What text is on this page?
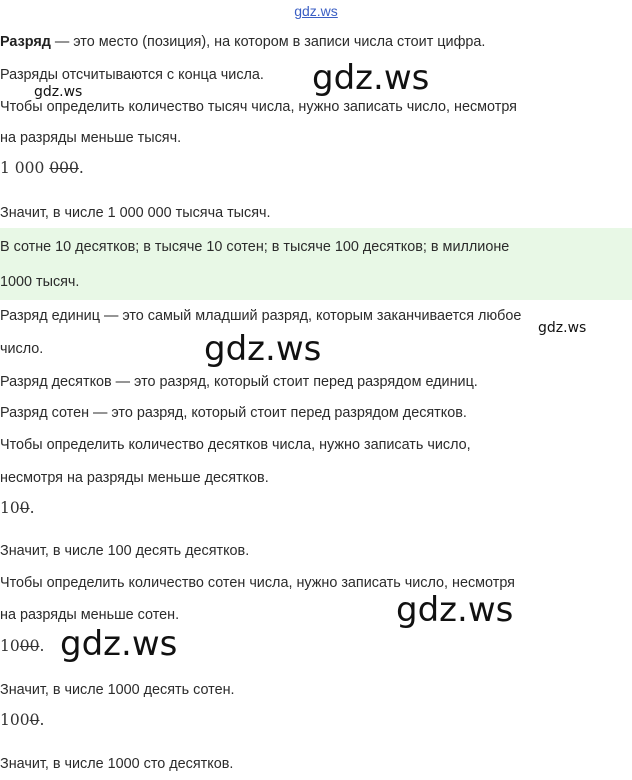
gdz.ws
Разряд — это место (позиция), на котором в записи числа стоит цифра.
Разряды отсчитываются с конца числа.
Чтобы определить количество тысяч числа, нужно записать число, несмотря
на разряды меньше тысяч.
1 000 000.
Значит, в числе 1 000 000 тысяча тысяч.
В сотне 10 десятков; в тысяче 10 сотен; в тысяче 100 десятков; в миллионе
1000 тысяч.
Разряд единиц — это самый младший разряд, которым заканчивается любое
число.
Разряд десятков — это разряд, который стоит перед разрядом единиц.
Разряд сотен — это разряд, который стоит перед разрядом десятков.
Чтобы определить количество десятков числа, нужно записать число,
несмотря на разряды меньше десятков.
100.
Значит, в числе 100 десять десятков.
Чтобы определить количество сотен числа, нужно записать число, несмотря
на разряды меньше сотен.
1000.
Значит, в числе 1000 десять сотен.
1000.
Значит, в числе 1000 сто десятков.
gdz.ws
gdz.ws
gdz.ws
gdz.ws
gdz.ws
gdz.ws
